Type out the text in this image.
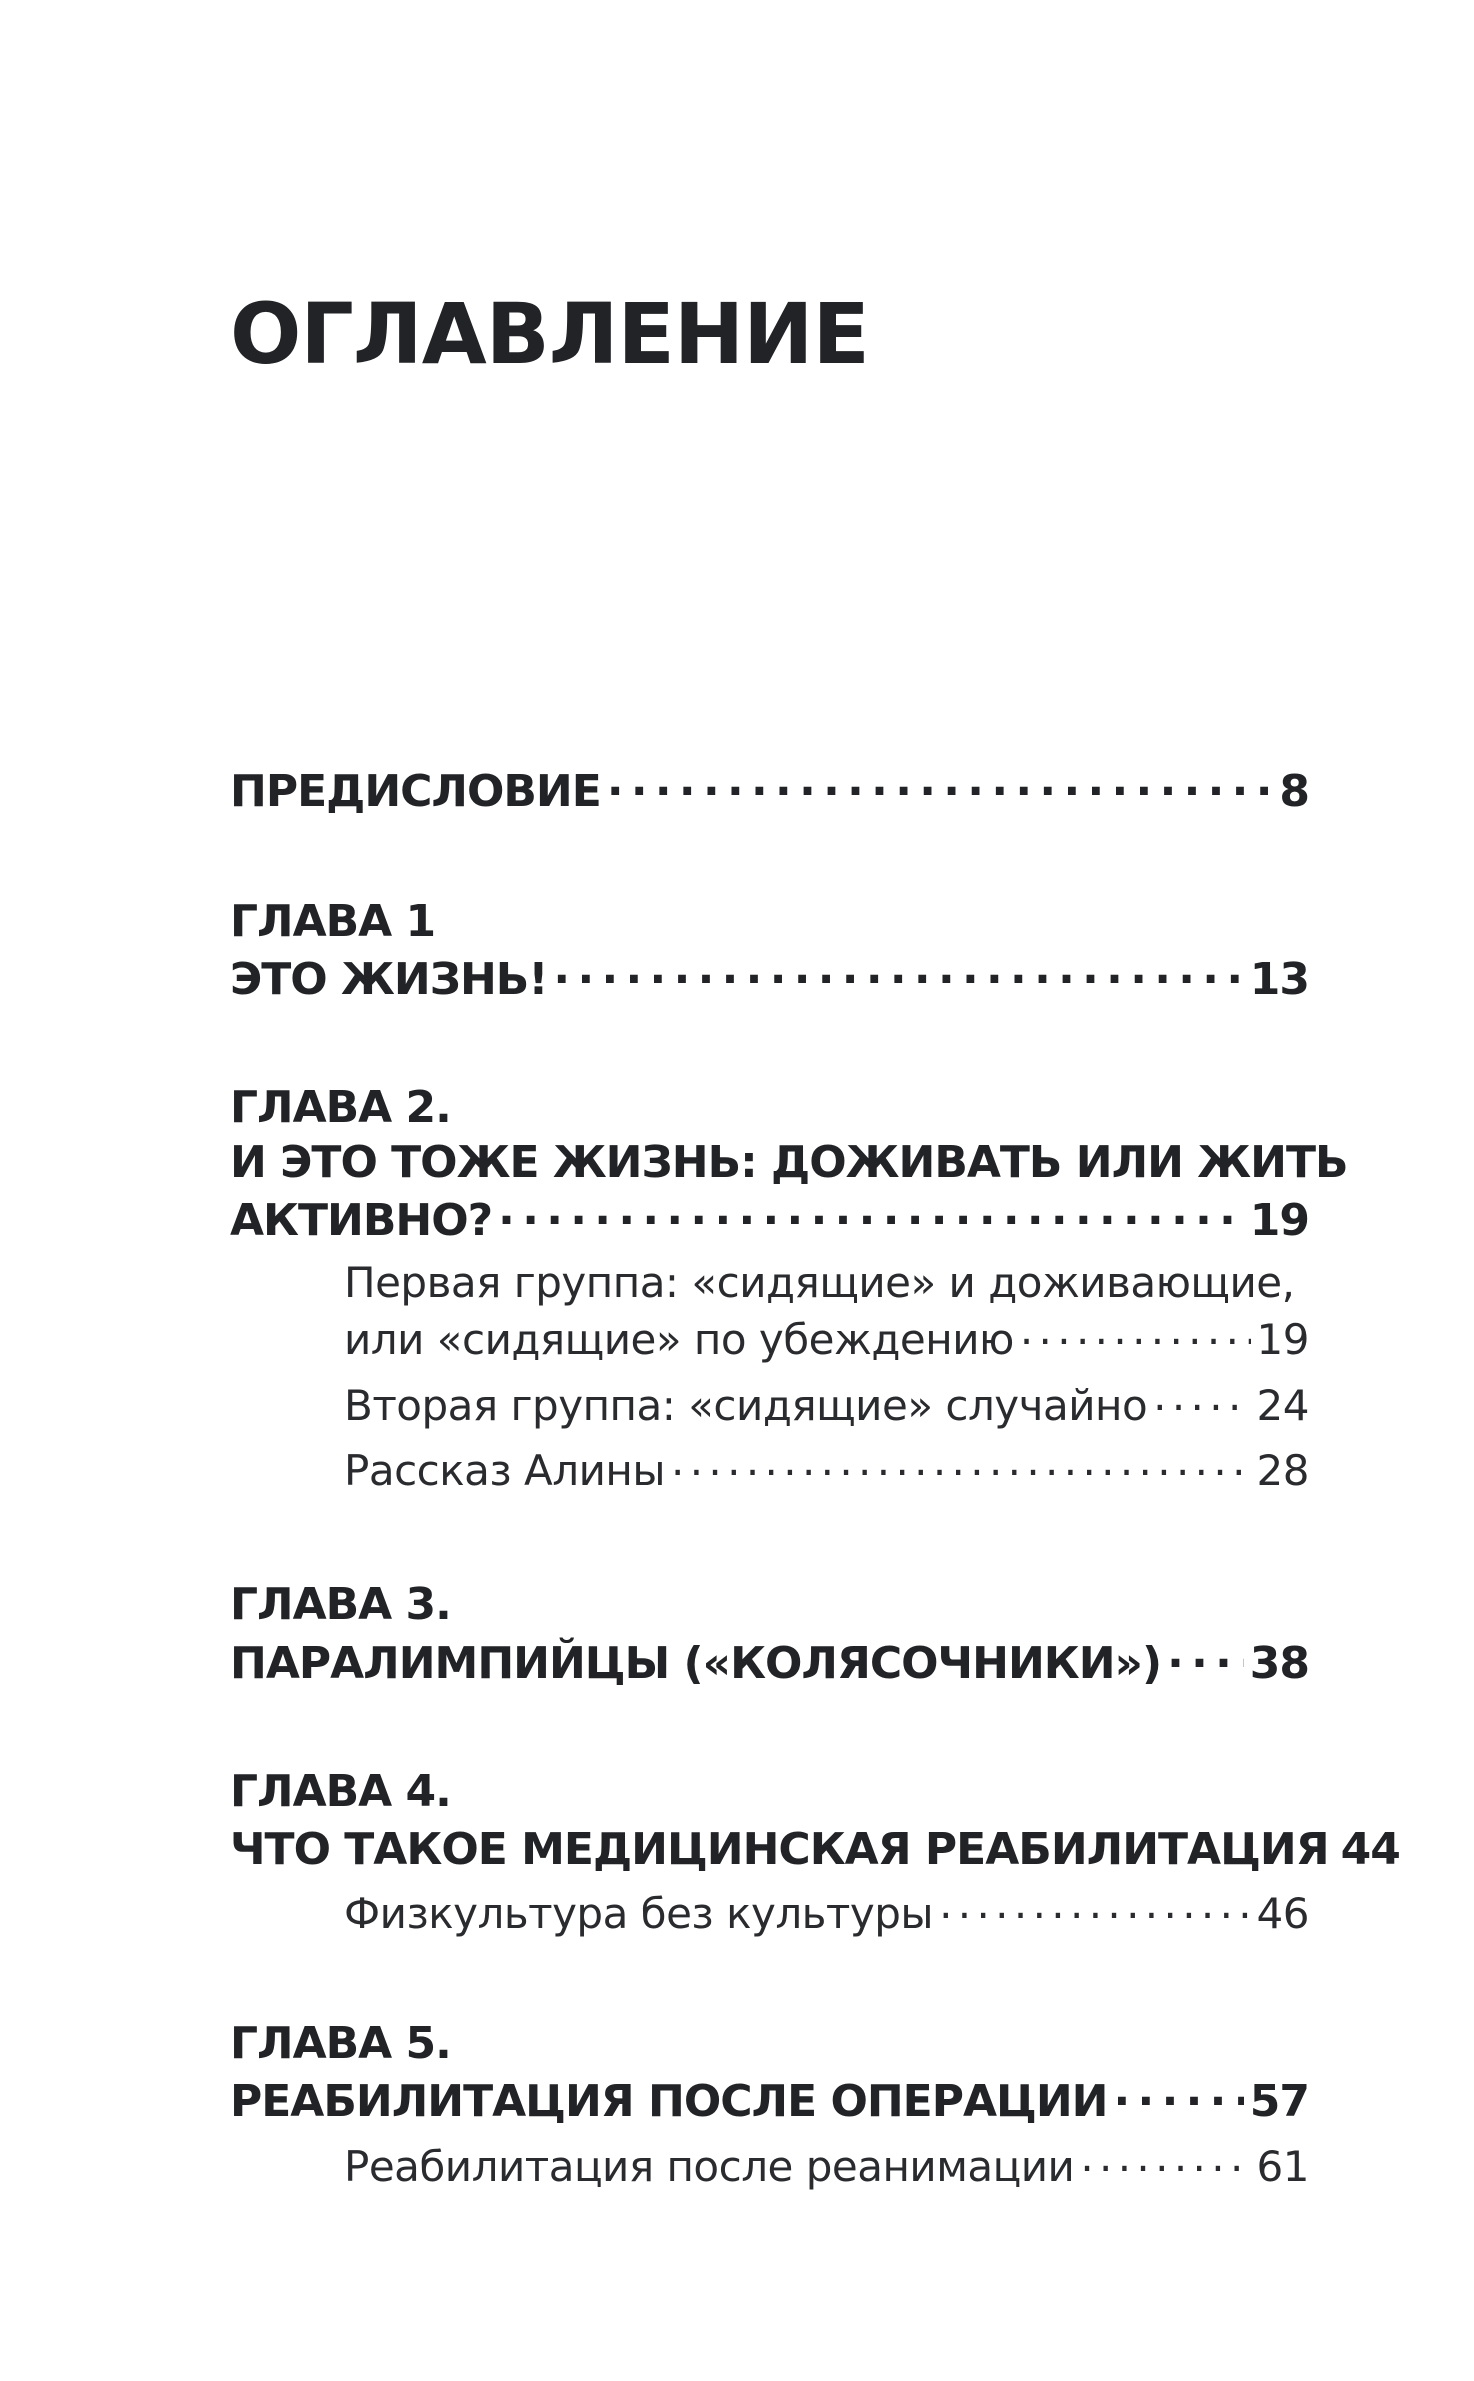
ОГЛАВЛЕНИЕ
ПРЕДИСЛОВИЕ . . .	8
ГЛАВА 1
ЭТО ЖИЗНЬ! . . .	13
ГЛАВА 2.
И ЭТО ТОЖЕ ЖИЗНЬ: ДОЖИВАТЬ ИЛИ ЖИТЬ
АКТИВНО? . . .	19
Первая группа: «сидящие» и доживающие,
или «сидящие» по убеждению . . .	19
Вторая группа: «сидящие» случайно . . .	24
Рассказ Алины . . .	28
ГЛАВА 3.
ПАРАЛИМПИЙЦЫ («КОЛЯСОЧНИКИ») . . . 38
ГЛАВА 4.
ЧТО ТАКОЕ МЕДИЦИНСКАЯ РЕАБИЛИТАЦИЯ 44
Физкультура без культуры . . .	46
ГЛАВА 5.
РЕАБИЛИТАЦИЯ ПОСЛЕ ОПЕРАЦИИ . . .	57
Реабилитация после реанимации . . .	61
